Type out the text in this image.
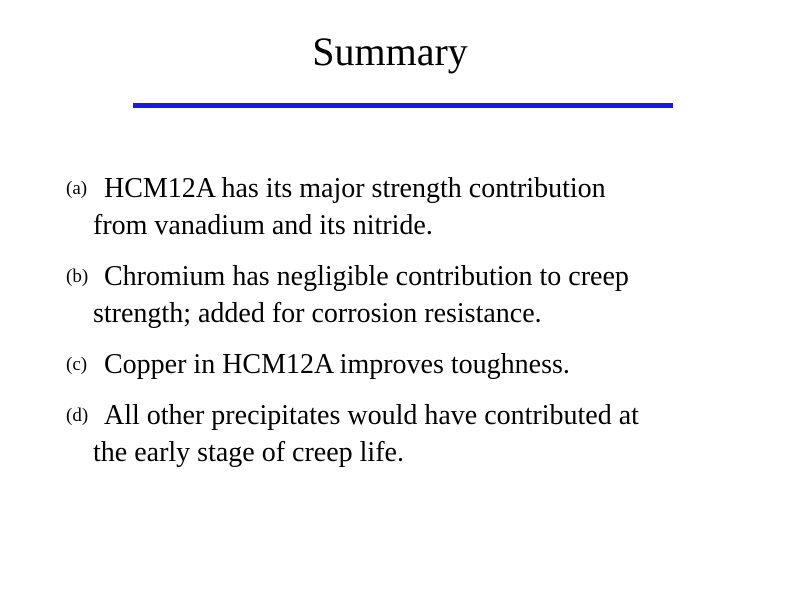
Summary
(a) HCM12A has its major strength contribution
from vanadium and its nitride.
(b) Chromium has negligible contribution to creep
strength; added for corrosion resistance.
(c) Copper in HCM12A improves toughness.
(d) All other precipitates would have contributed at
the early stage of creep life.
